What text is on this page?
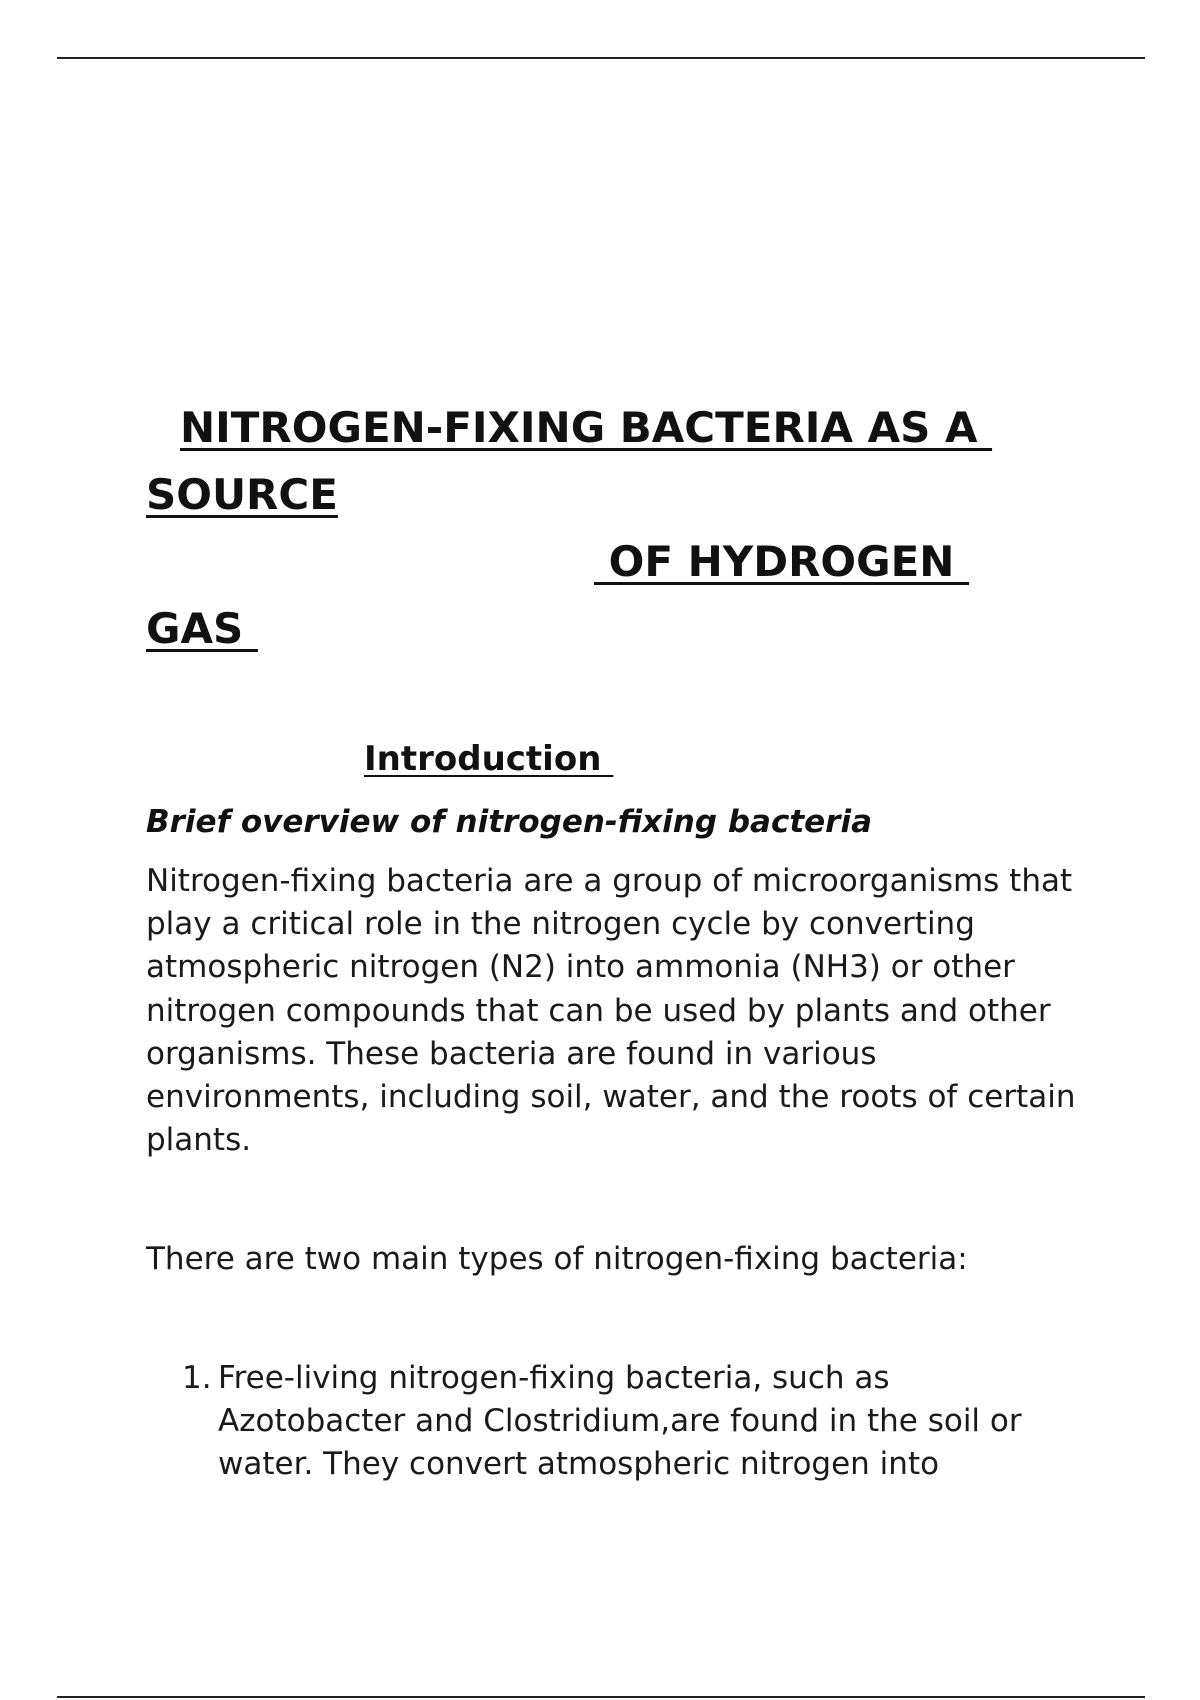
NITROGEN-FIXING BACTERIA AS A
SOURCE
OF HYDROGEN
GAS
Introduction
Brief overview of nitrogen-fixing bacteria

Nitrogen-fixing bacteria are a group of microorganisms that play a critical role in the nitrogen cycle by converting atmospheric nitrogen (N2) into ammonia (NH3) or other nitrogen compounds that can be used by plants and other organisms. These bacteria are found in various environments, including soil, water, and the roots of certain plants.

There are two main types of nitrogen-fixing bacteria:

1. Free-living nitrogen-fixing bacteria, such as Azotobacter and Clostridium,are found in the soil or water. They convert atmospheric nitrogen into
